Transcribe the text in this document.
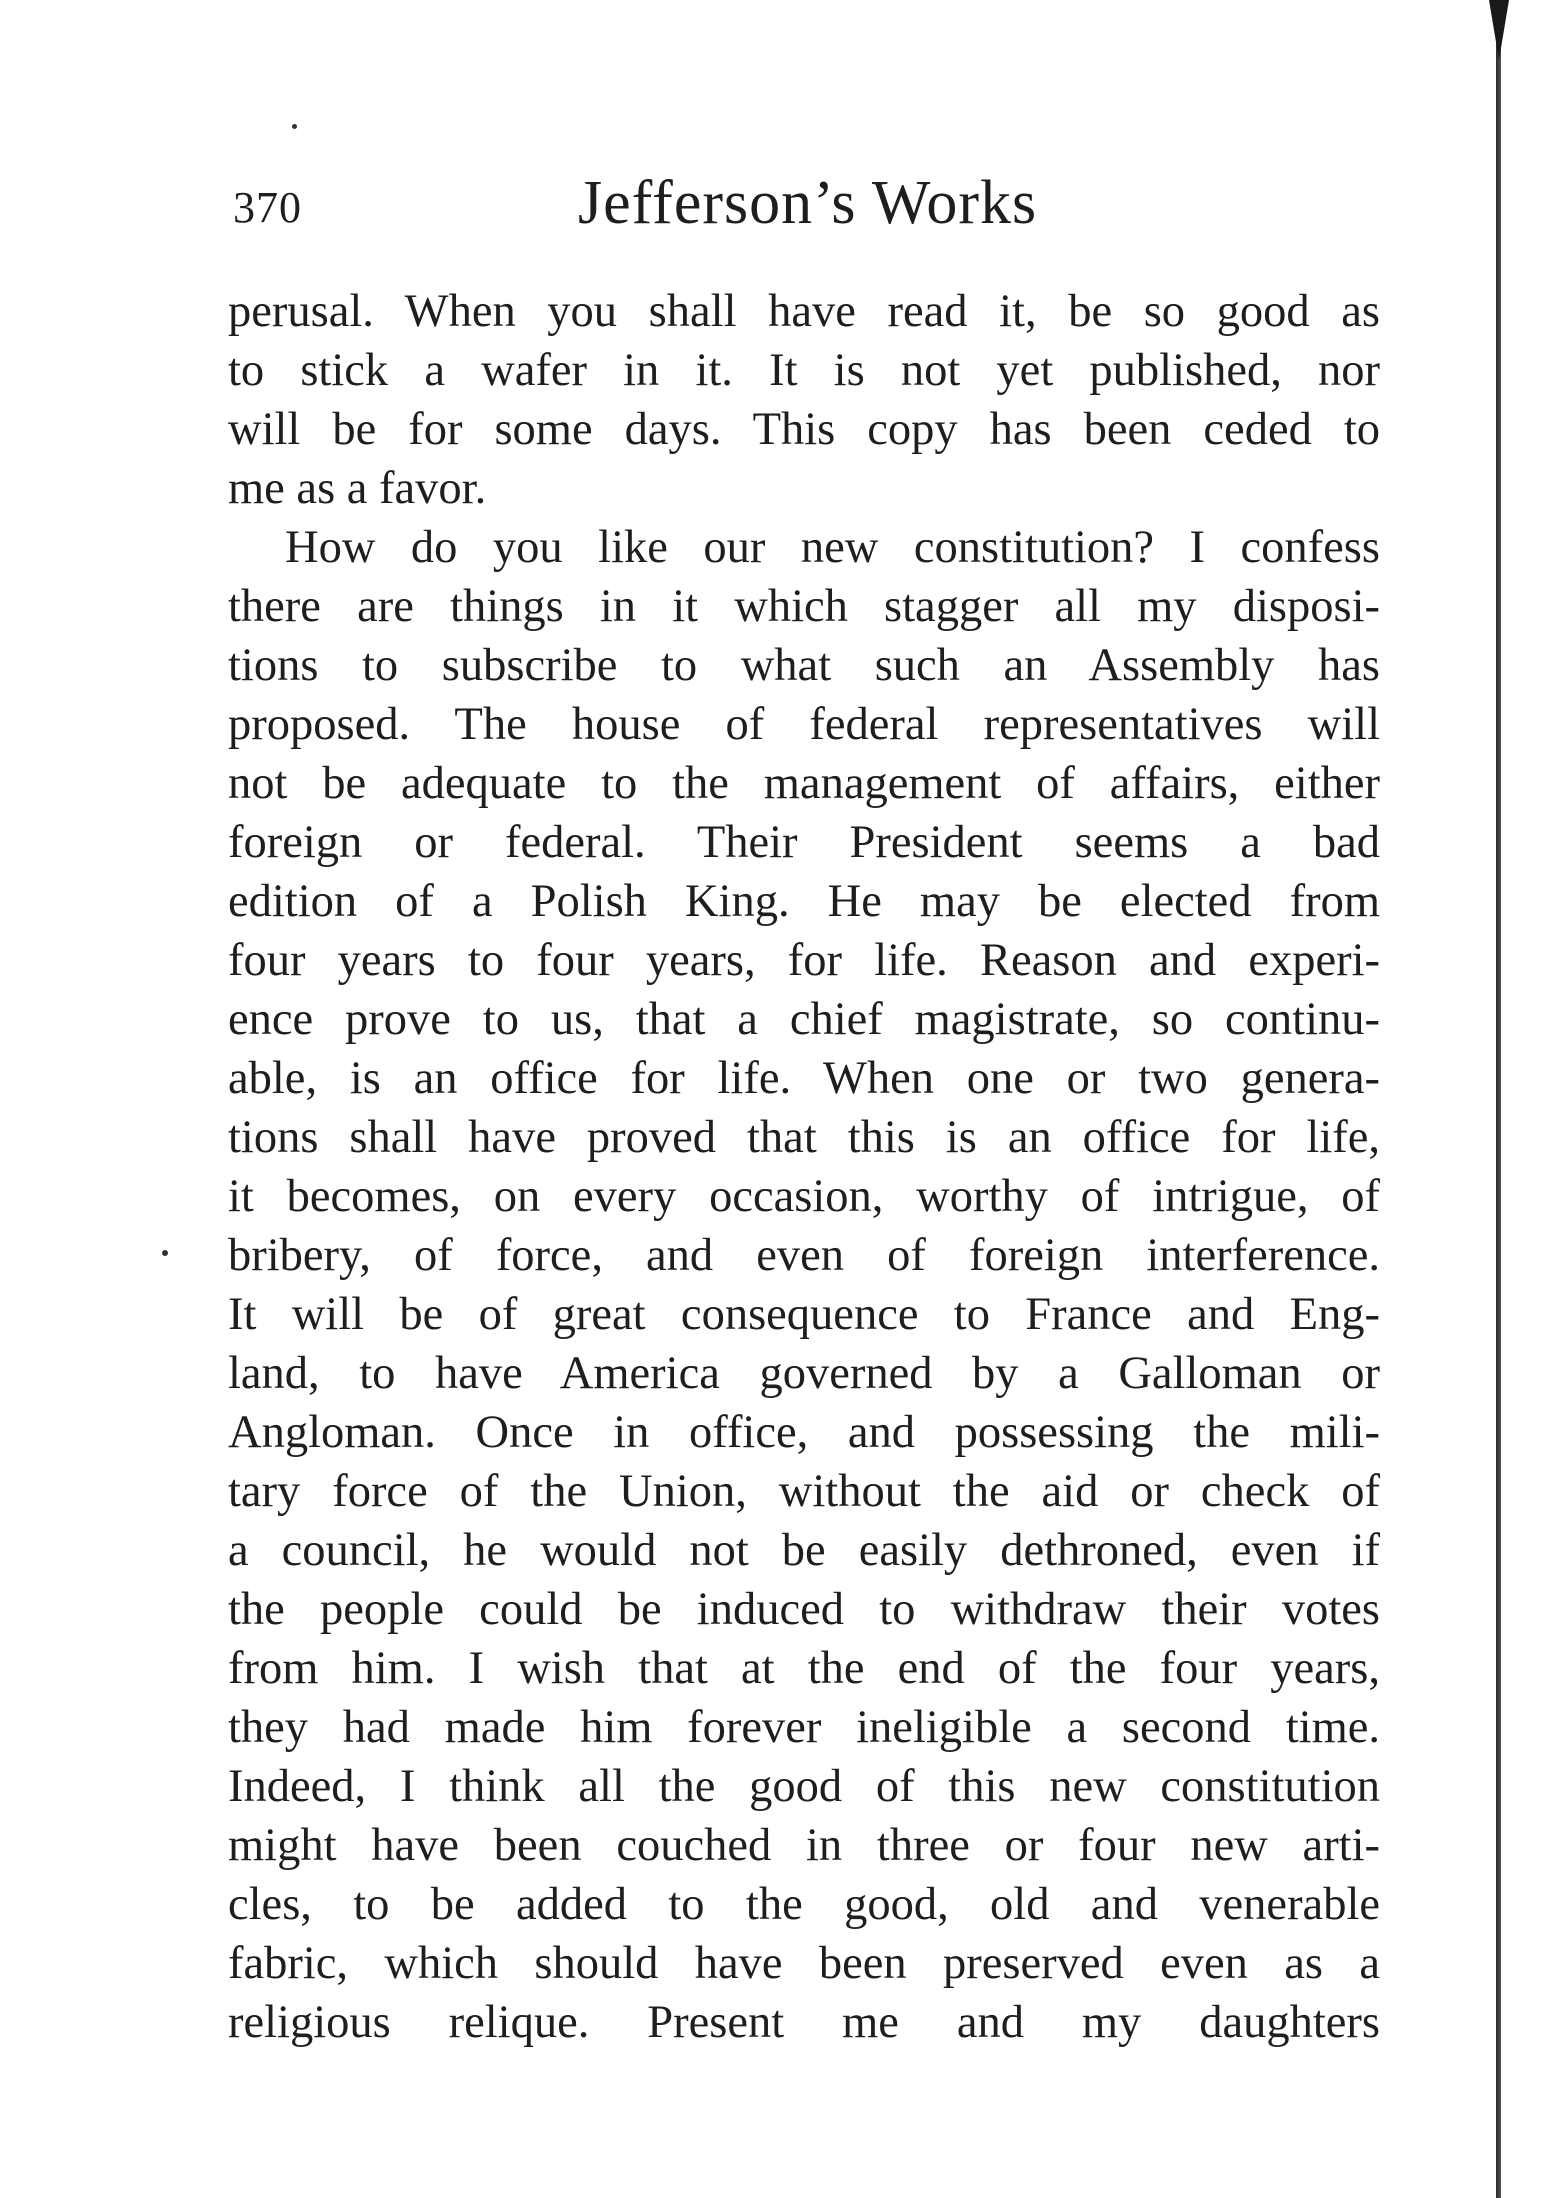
370	Jefferson’s Works
perusal. When you shall have read it, be so good as
to stick a wafer in it. It is not yet published, nor
will be for some days. This copy has been ceded to
me as a favor.
How do you like our new constitution? I confess
there are things in it which stagger all my disposi-
tions to subscribe to what such an Assembly has
proposed. The house of federal representatives will
not be adequate to the management of affairs, either
foreign or federal. Their President seems a bad
edition of a Polish King. He may be elected from
four years to four years, for life. Reason and experi-
ence prove to us, that a chief magistrate, so continu-
able, is an office for life. When one or two genera-
tions shall have proved that this is an office for life,
it becomes, on every occasion, worthy of intrigue, of
bribery, of force, and even of foreign interference.
It will be of great consequence to France and Eng-
land, to have America governed by a Galloman or
Angloman. Once in office, and possessing the mili-
tary force of the Union, without the aid or check of
a council, he would not be easily dethroned, even if
the people could be induced to withdraw their votes
from him. I wish that at the end of the four years,
they had made him forever ineligible a second time.
Indeed, I think all the good of this new constitution
might have been couched in three or four new arti-
cles, to be added to the good, old and venerable
fabric, which should have been preserved even as a
religious relique. Present me and my daughters
